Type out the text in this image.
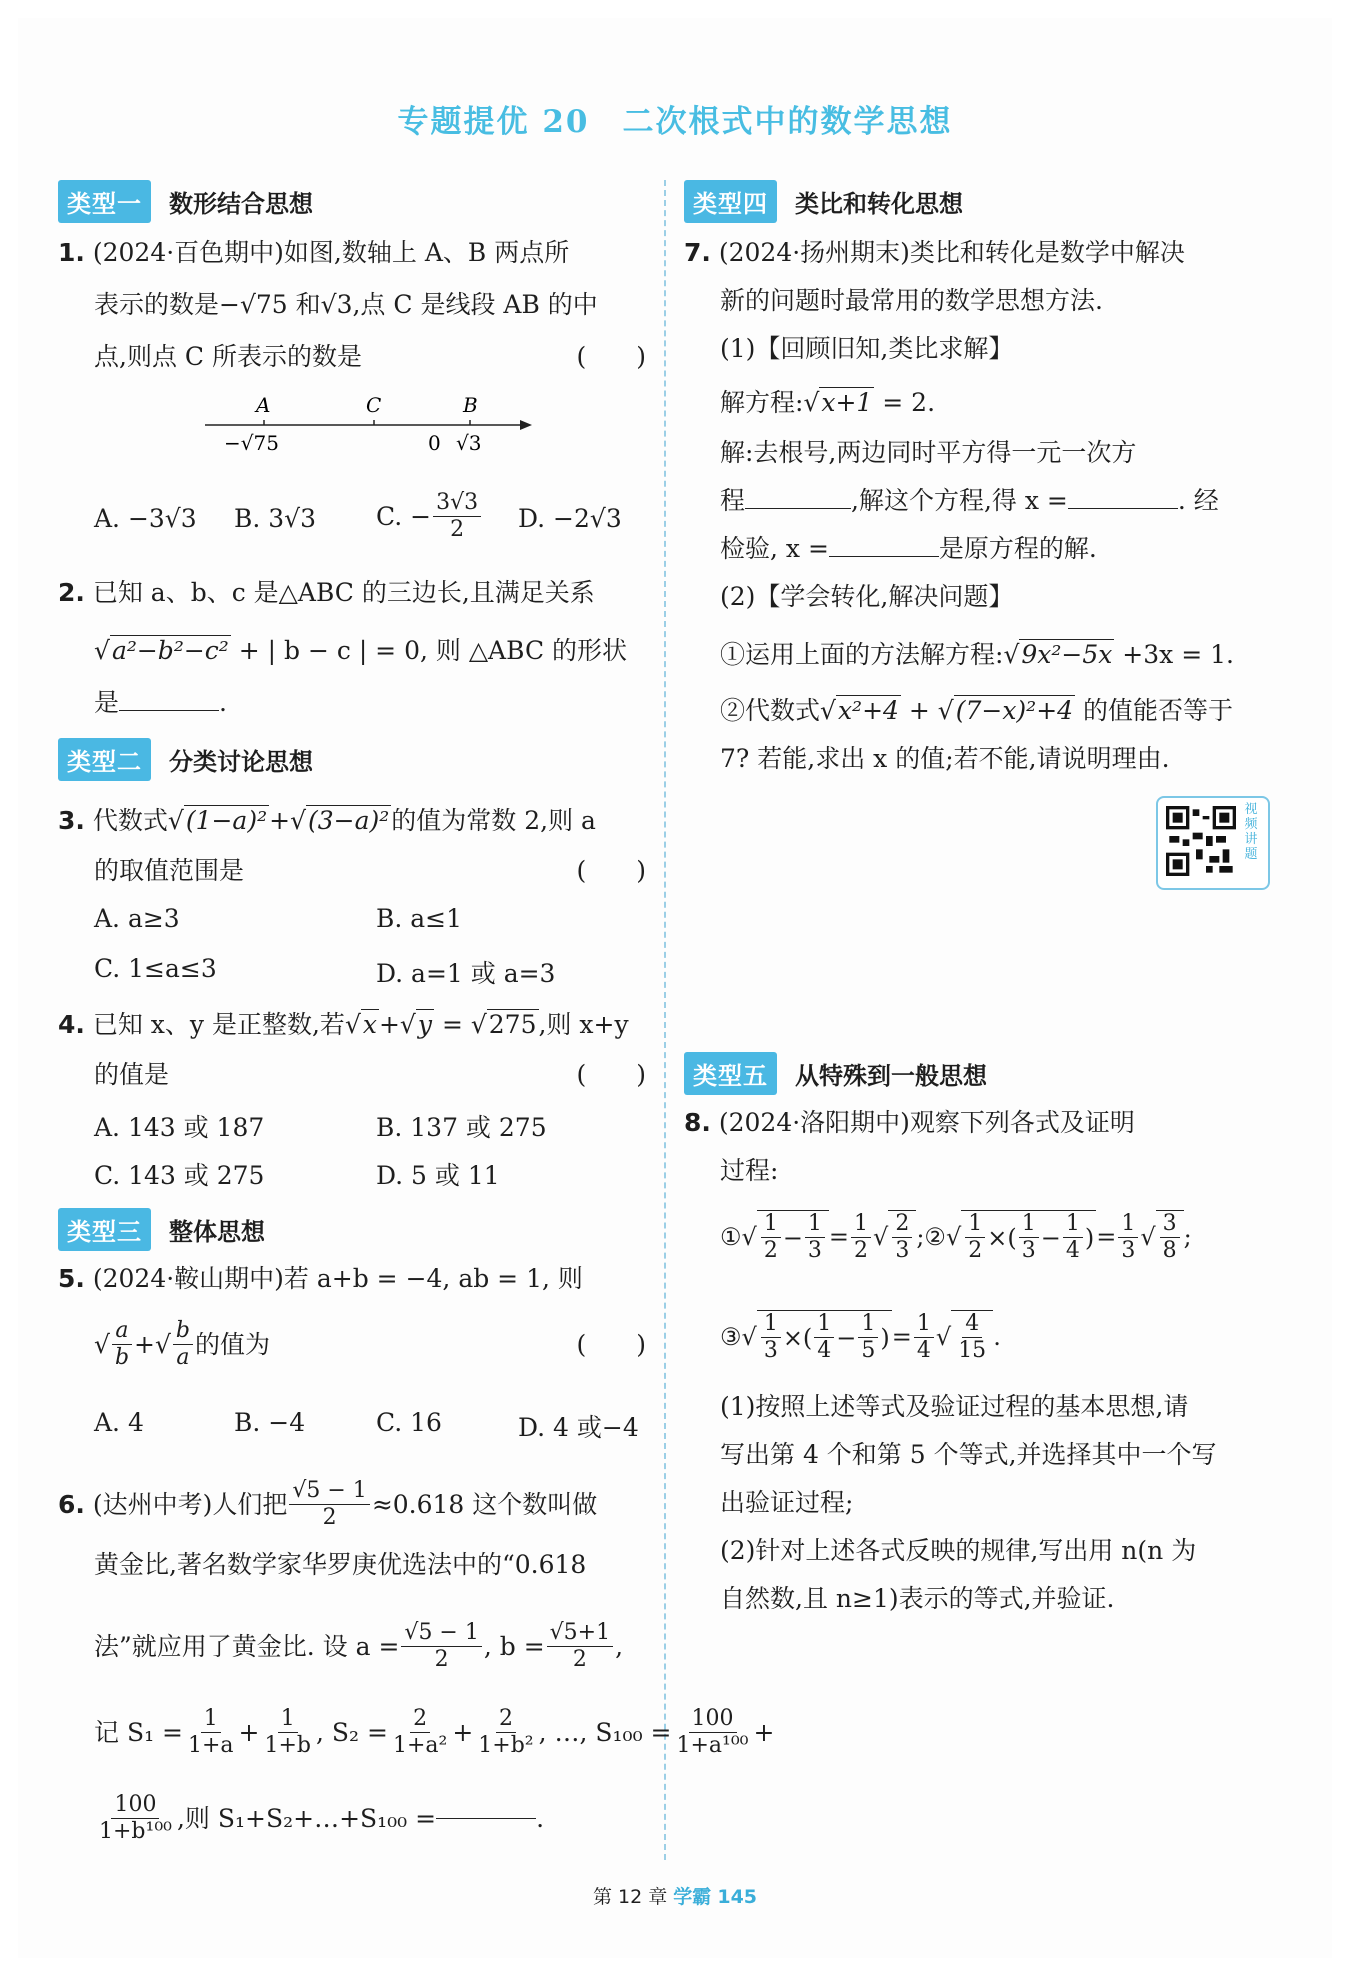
专题提优 20　二次根式中的数学思想
类型一	数形结合思想
1. (2024·百色期中)如图,数轴上 A、B 两点所
表示的数是−√75 和√3,点 C 是线段 AB 的中
点,则点 C 所表示的数是	(　　)
A	C	B
−√75	0 √3
A. −3√3 B. 3√3 C. − $\frac{3√3}{2} D$. −2√3
2. 已知 a、b、c 是△ABC 的三边长,且满足关系
√a²−b²−c² + | b − c | = 0, 则 △ABC 的形状
是	.
类型二	分类讨论思想
3. 代数式√(1−a)²+√(3−a)²的值为常数 2,则 a
的取值范围是	(　　)
A. a≥3	B. a≤1
C. 1≤a≤3	D. a=1 或 a=3
4. 已知 x、y 是正整数,若√x+√y = √275,则 x+y
的值是	(　　)
A. 143 或 187	B. 137 或 275
C. 143 或 275	D. 5 或 11
类型三	整体思想
5. (2024·鞍山期中)若 a+b = −4, ab = 1, 则
√ $\frac{a}{b}$ +√ $\frac{b}{a}$ 的值为	(　　)
A. 4	B. −4	C. 16	D. 4 或−4
6.
(达州中考)人们把 $\frac{√5 - 1}{2} \approx 0.618$ 这个数叫做
黄金比,著名数学家华罗庚优选法中的“0.618
法”就应用了黄金比. 设 $a = \frac{√5 - 1}{2}$ , $b = \frac{√5+1}{2}$ ,
记 $S_1 = \frac{1}{1+a} + \frac{1}{1+b}$ , $S_2 = \frac{2}{\text{1+a²}} + \frac{2}{\text{1+b²}}$ , …, $S_{100} = \frac{100}{\text{1+a¹⁰⁰}}$ +
$\frac{100}{\text{1+b¹⁰⁰}}$ ,则 S₁+S₂+…+S₁₀₀ =	.
类型四	类比和转化思想
7. (2024·扬州期末)类比和转化是数学中解决
新的问题时最常用的数学思想方法.
(1)【回顾旧知,类比求解】
解方程:√x+1 = 2.
解:去根号,两边同时平方得一元一次方
程	,解这个方程,得 x =	. 经
检验, x =	是原方程的解.
(2)【学会转化,解决问题】
①运用上面的方法解方程:√9x²−5x +3x = 1.
②代数式√x²+4 + √(7−x)²+4 的值能否等于
7? 若能,求出 x 的值;若不能,请说明理由.
视频讲题
类型五	从特殊到一般思想
8. (2024·洛阳期中)观察下列各式及证明
过程:
① √ $\frac{1}{2} - \frac{1}{3} = \frac{1}{2}$ √ $\frac{2}{3}$ ; ② √ $\frac{1}{2}$ ×( $\frac{1}{3} - \frac{1}{4}$ ) = $\frac{1}{3}$ √ $\frac{3}{8}$ ;
③ √ $\frac{1}{3}$ ×( $\frac{1}{4} - \frac{1}{5}$ ) = $\frac{1}{4}$ √ $\frac{4}{15}$ .
(1)按照上述等式及验证过程的基本思想,请
写出第 4 个和第 5 个等式,并选择其中一个写
出验证过程;
(2)针对上述各式反映的规律,写出用 n(n 为
自然数,且 n≥1)表示的等式,并验证.
第 12 章 学霸 145
